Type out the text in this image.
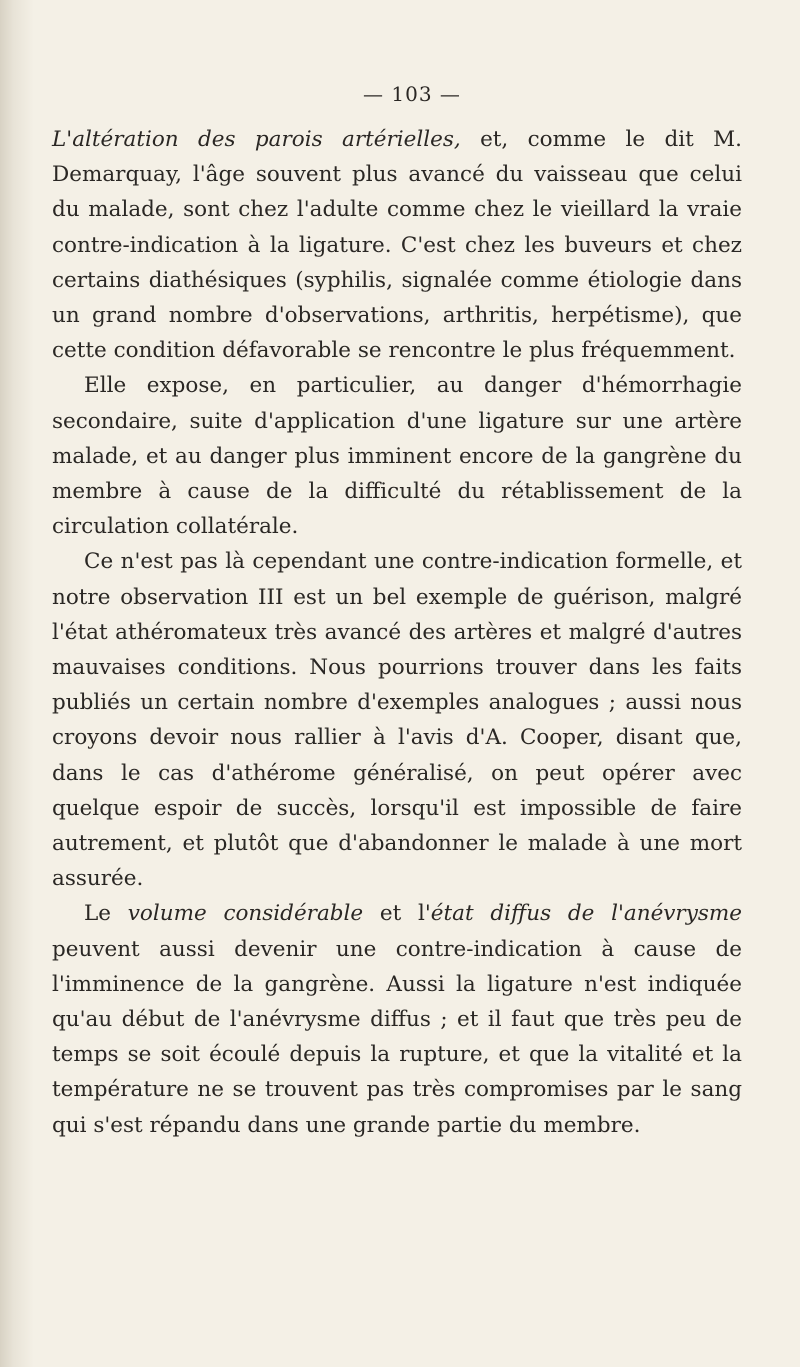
— 103 —

L'altération des parois artérielles, et, comme le dit M. Demarquay, l'âge souvent plus avancé du vaisseau que celui du malade, sont chez l'adulte comme chez le vieillard la vraie contre-indication à la ligature. C'est chez les buveurs et chez certains diathésiques (syphilis, signalée comme étiologie dans un grand nombre d'observations, arthritis, herpétisme), que cette condition défavorable se rencontre le plus fréquemment.

Elle expose, en particulier, au danger d'hémorrhagie secondaire, suite d'application d'une ligature sur une artère malade, et au danger plus imminent encore de la gangrène du membre à cause de la difficulté du rétablissement de la circulation collatérale.

Ce n'est pas là cependant une contre-indication formelle, et notre observation III est un bel exemple de guérison, malgré l'état athéromateux très avancé des artères et malgré d'autres mauvaises conditions. Nous pourrions trouver dans les faits publiés un certain nombre d'exemples analogues ; aussi nous croyons devoir nous rallier à l'avis d'A. Cooper, disant que, dans le cas d'athérome généralisé, on peut opérer avec quelque espoir de succès, lorsqu'il est impossible de faire autrement, et plutôt que d'abandonner le malade à une mort assurée.

Le volume considérable et l'état diffus de l'anévrysme peuvent aussi devenir une contre-indication à cause de l'imminence de la gangrène. Aussi la ligature n'est indiquée qu'au début de l'anévrysme diffus ; et il faut que très peu de temps se soit écoulé depuis la rupture, et que la vitalité et la température ne se trouvent pas très compromises par le sang qui s'est répandu dans une grande partie du membre.
